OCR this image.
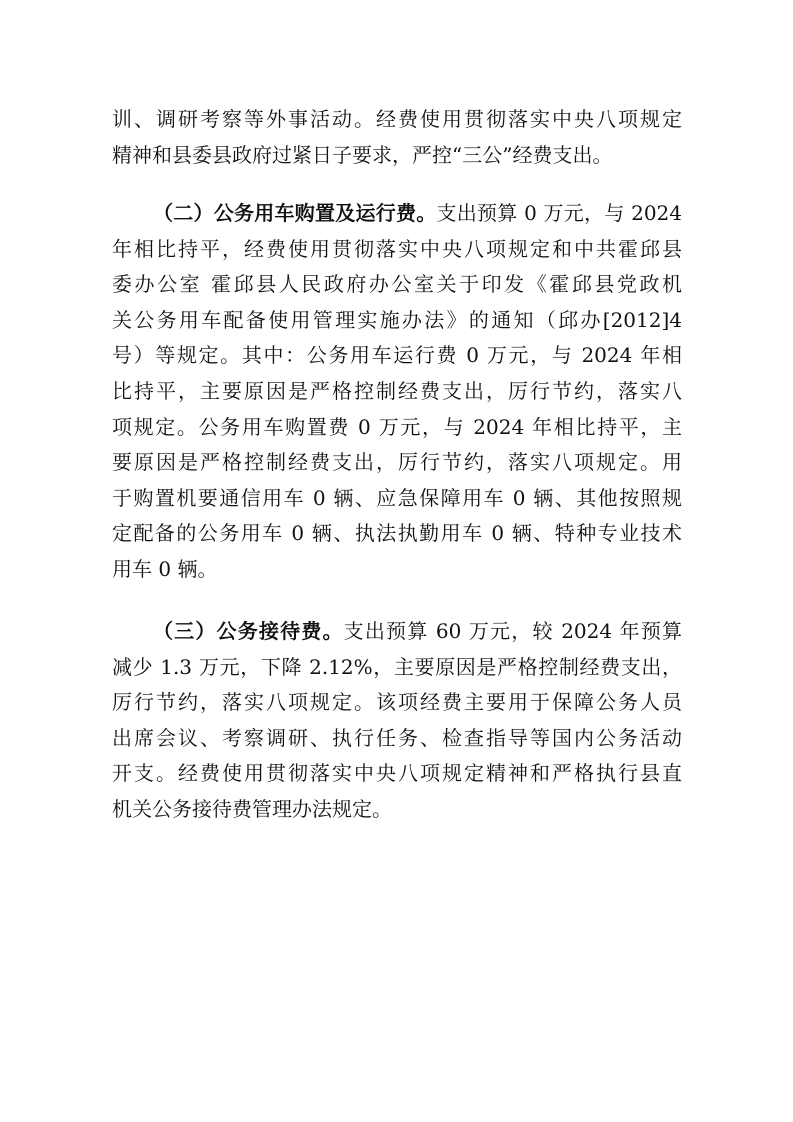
训、调研考察等外事活动。经费使用贯彻落实中央八项规定
精神和县委县政府过紧日子要求，严控“三公”经费支出。
（二）公务用车购置及运行费。支出预算 0 万元，与 2024
年相比持平，经费使用贯彻落实中央八项规定和中共霍邱县
委办公室 霍邱县人民政府办公室关于印发《霍邱县党政机
关公务用车配备使用管理实施办法》的通知（邱办[2012]4
号）等规定。其中：公务用车运行费 0 万元，与 2024 年相
比持平，主要原因是严格控制经费支出，厉行节约，落实八
项规定。公务用车购置费 0 万元，与 2024 年相比持平，主
要原因是严格控制经费支出，厉行节约，落实八项规定。用
于购置机要通信用车 0 辆、应急保障用车 0 辆、其他按照规
定配备的公务用车 0 辆、执法执勤用车 0 辆、特种专业技术
用车 0 辆。
（三）公务接待费。支出预算 60 万元，较 2024 年预算
减少 1.3 万元，下降 2.12%，主要原因是严格控制经费支出，
厉行节约，落实八项规定。该项经费主要用于保障公务人员
出席会议、考察调研、执行任务、检查指导等国内公务活动
开支。经费使用贯彻落实中央八项规定精神和严格执行县直
机关公务接待费管理办法规定。
